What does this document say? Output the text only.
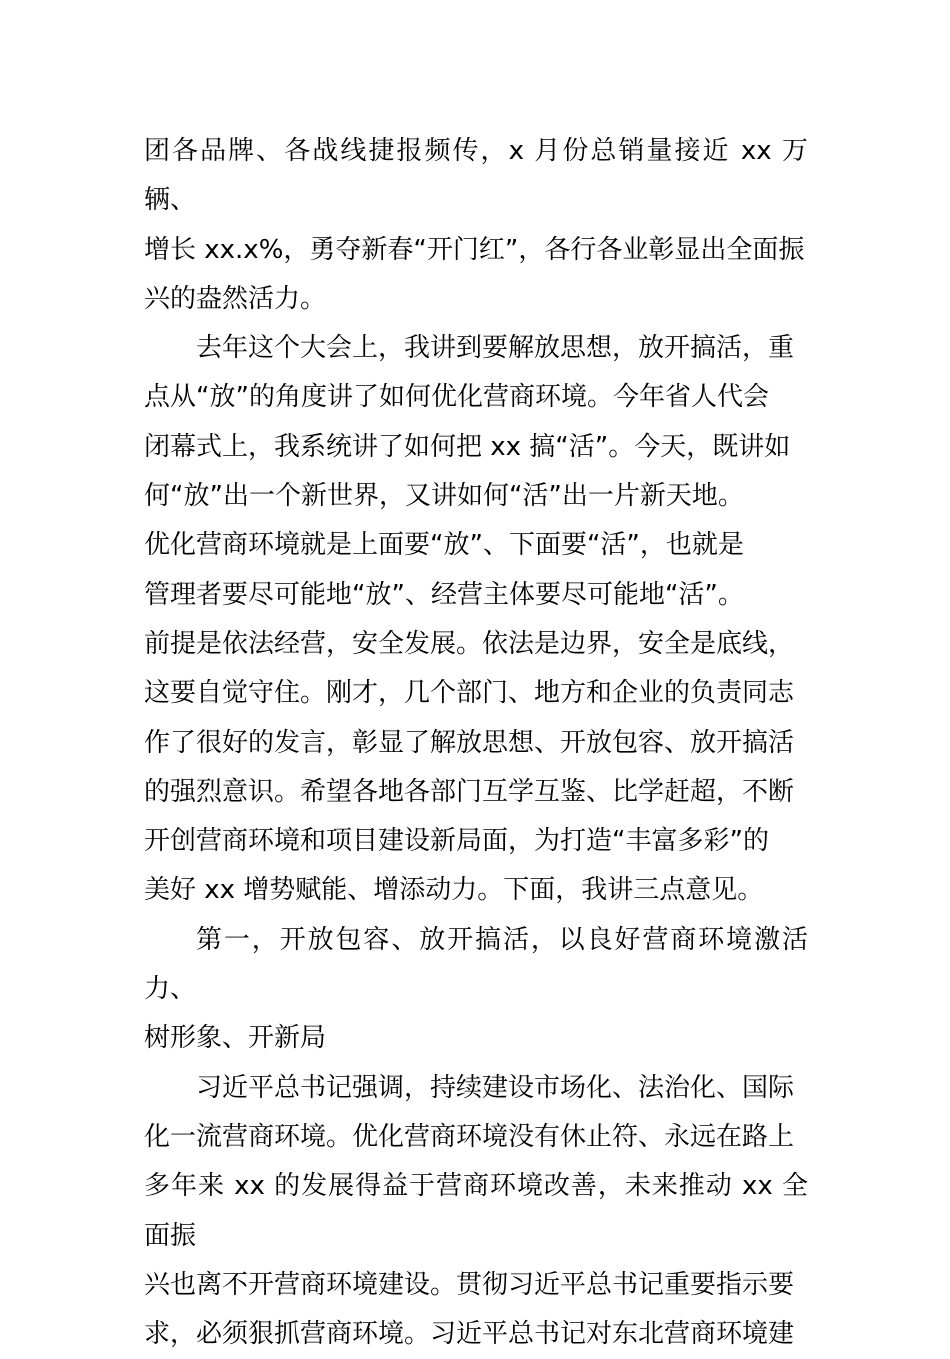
团各品牌、各战线捷报频传，x 月份总销量接近 xx 万辆、
增长 xx.x%，勇夺新春“开门红”，各行各业彰显出全面振
兴的盎然活力。

去年这个大会上，我讲到要解放思想，放开搞活，重
点从“放”的角度讲了如何优化营商环境。今年省人代会
闭幕式上，我系统讲了如何把 xx 搞“活”。今天，既讲如
何“放”出一个新世界，又讲如何“活”出一片新天地。
优化营商环境就是上面要“放”、下面要“活”，也就是
管理者要尽可能地“放”、经营主体要尽可能地“活”。
前提是依法经营，安全发展。依法是边界，安全是底线，
这要自觉守住。刚才，几个部门、地方和企业的负责同志
作了很好的发言，彰显了解放思想、开放包容、放开搞活
的强烈意识。希望各地各部门互学互鉴、比学赶超，不断
开创营商环境和项目建设新局面，为打造“丰富多彩”的
美好 xx 增势赋能、增添动力。下面，我讲三点意见。

第一，开放包容、放开搞活，以良好营商环境激活力、
树形象、开新局

习近平总书记强调，持续建设市场化、法治化、国际
化一流营商环境。优化营商环境没有休止符、永远在路上
多年来 xx 的发展得益于营商环境改善，未来推动 xx 全面振
兴也离不开营商环境建设。贯彻习近平总书记重要指示要
求，必须狠抓营商环境。习近平总书记对东北营商环境建
